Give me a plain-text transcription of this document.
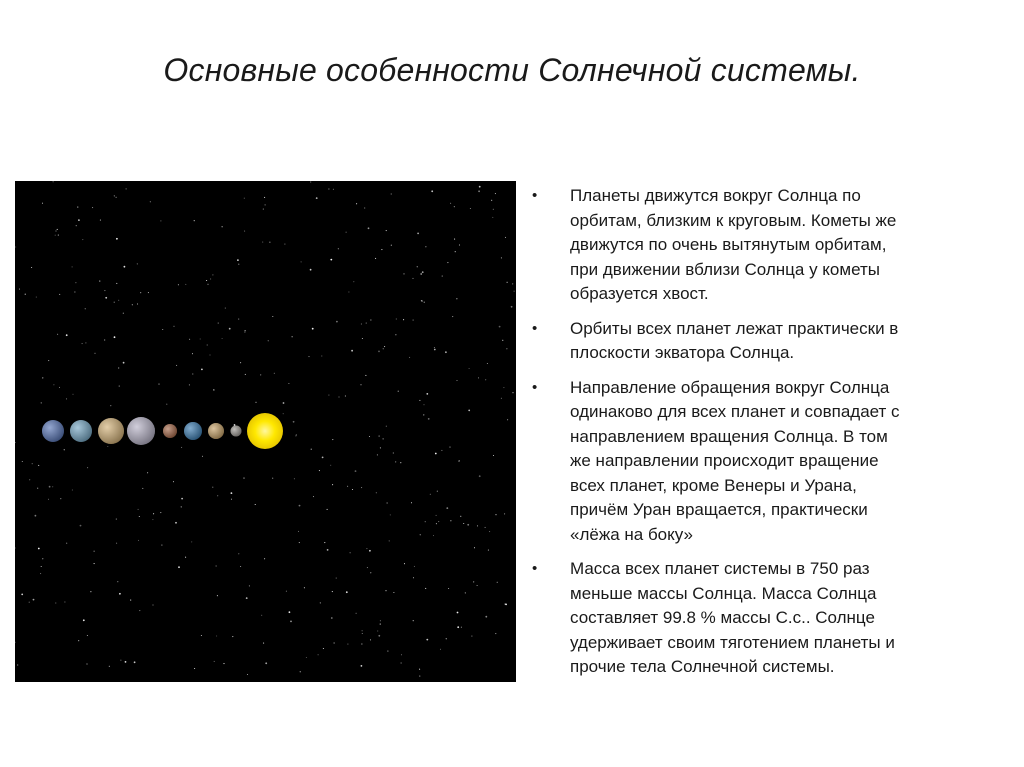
Основные особенности Солнечной системы.
•	Планеты движутся вокруг Солнца по
орбитам, близким к круговым. Кометы же
движутся по очень вытянутым орбитам,
при движении вблизи Солнца у кометы
образуется хвост.
•	Орбиты всех планет лежат практически в
плоскости экватора Солнца.
•	Направление обращения вокруг Солнца
одинаково для всех планет и совпадает с
направлением вращения Солнца. В том
же направлении происходит вращение
всех планет, кроме Венеры и Урана,
причём Уран вращается, практически
«лёжа на боку»
•	Масса всех планет системы в 750 раз
меньше массы Солнца. Масса Солнца
составляет 99.8 % массы С.с.. Солнце
удерживает своим тяготением планеты и
прочие тела Солнечной системы.
